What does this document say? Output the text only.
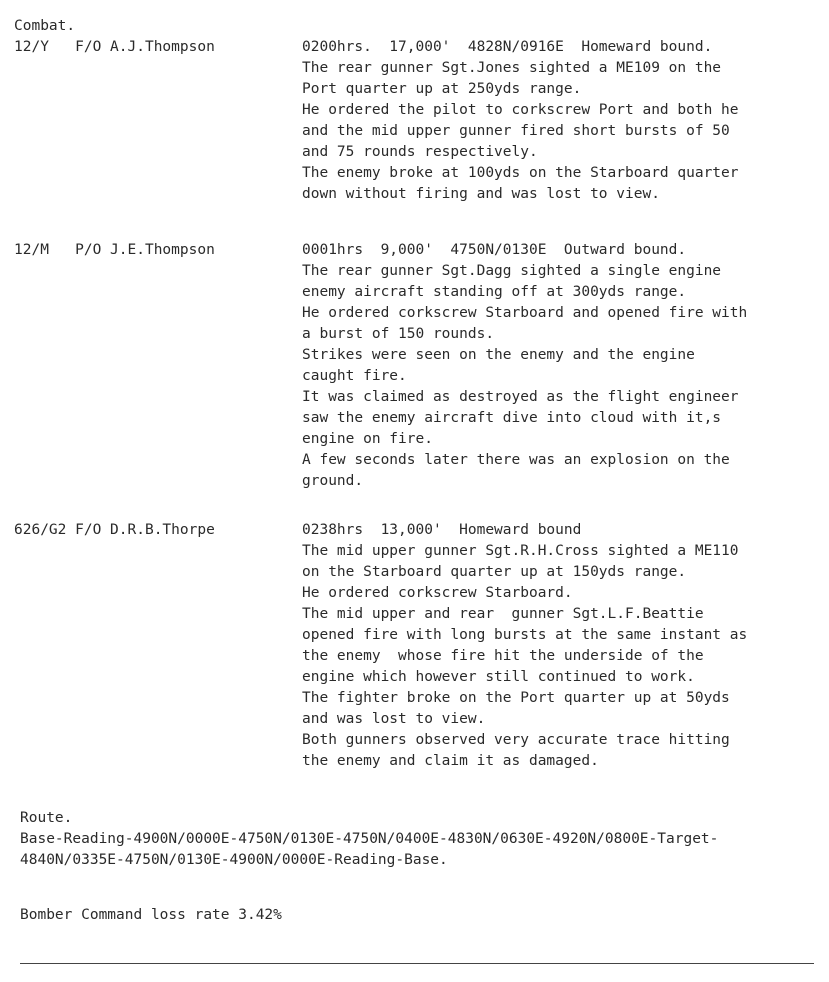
Combat.
12/Y F/O A.J.Thompson	0200hrs.  17,000'  4828N/0916E  Homeward bound.
The rear gunner Sgt.Jones sighted a ME109 on the
Port quarter up at 250yds range.
He ordered the pilot to corkscrew Port and both he
and the mid upper gunner fired short bursts of 50
and 75 rounds respectively.
The enemy broke at 100yds on the Starboard quarter
down without firing and was lost to view.
12/M P/O J.E.Thompson	0001hrs  9,000'  4750N/0130E  Outward bound.
The rear gunner Sgt.Dagg sighted a single engine
enemy aircraft standing off at 300yds range.
He ordered corkscrew Starboard and opened fire with
a burst of 150 rounds.
Strikes were seen on the enemy and the engine
caught fire.
It was claimed as destroyed as the flight engineer
saw the enemy aircraft dive into cloud with it,s
engine on fire.
A few seconds later there was an explosion on the
ground.
626/G2 F/O D.R.B.Thorpe	0238hrs  13,000'  Homeward bound
The mid upper gunner Sgt.R.H.Cross sighted a ME110
on the Starboard quarter up at 150yds range.
He ordered corkscrew Starboard.
The mid upper and rear  gunner Sgt.L.F.Beattie
opened fire with long bursts at the same instant as
the enemy  whose fire hit the underside of the
engine which however still continued to work.
The fighter broke on the Port quarter up at 50yds
and was lost to view.
Both gunners observed very accurate trace hitting
the enemy and claim it as damaged.
Route.
Base-Reading-4900N/0000E-4750N/0130E-4750N/0400E-4830N/0630E-4920N/0800E-Target-
4840N/0335E-4750N/0130E-4900N/0000E-Reading-Base.
Bomber Command loss rate 3.42%
